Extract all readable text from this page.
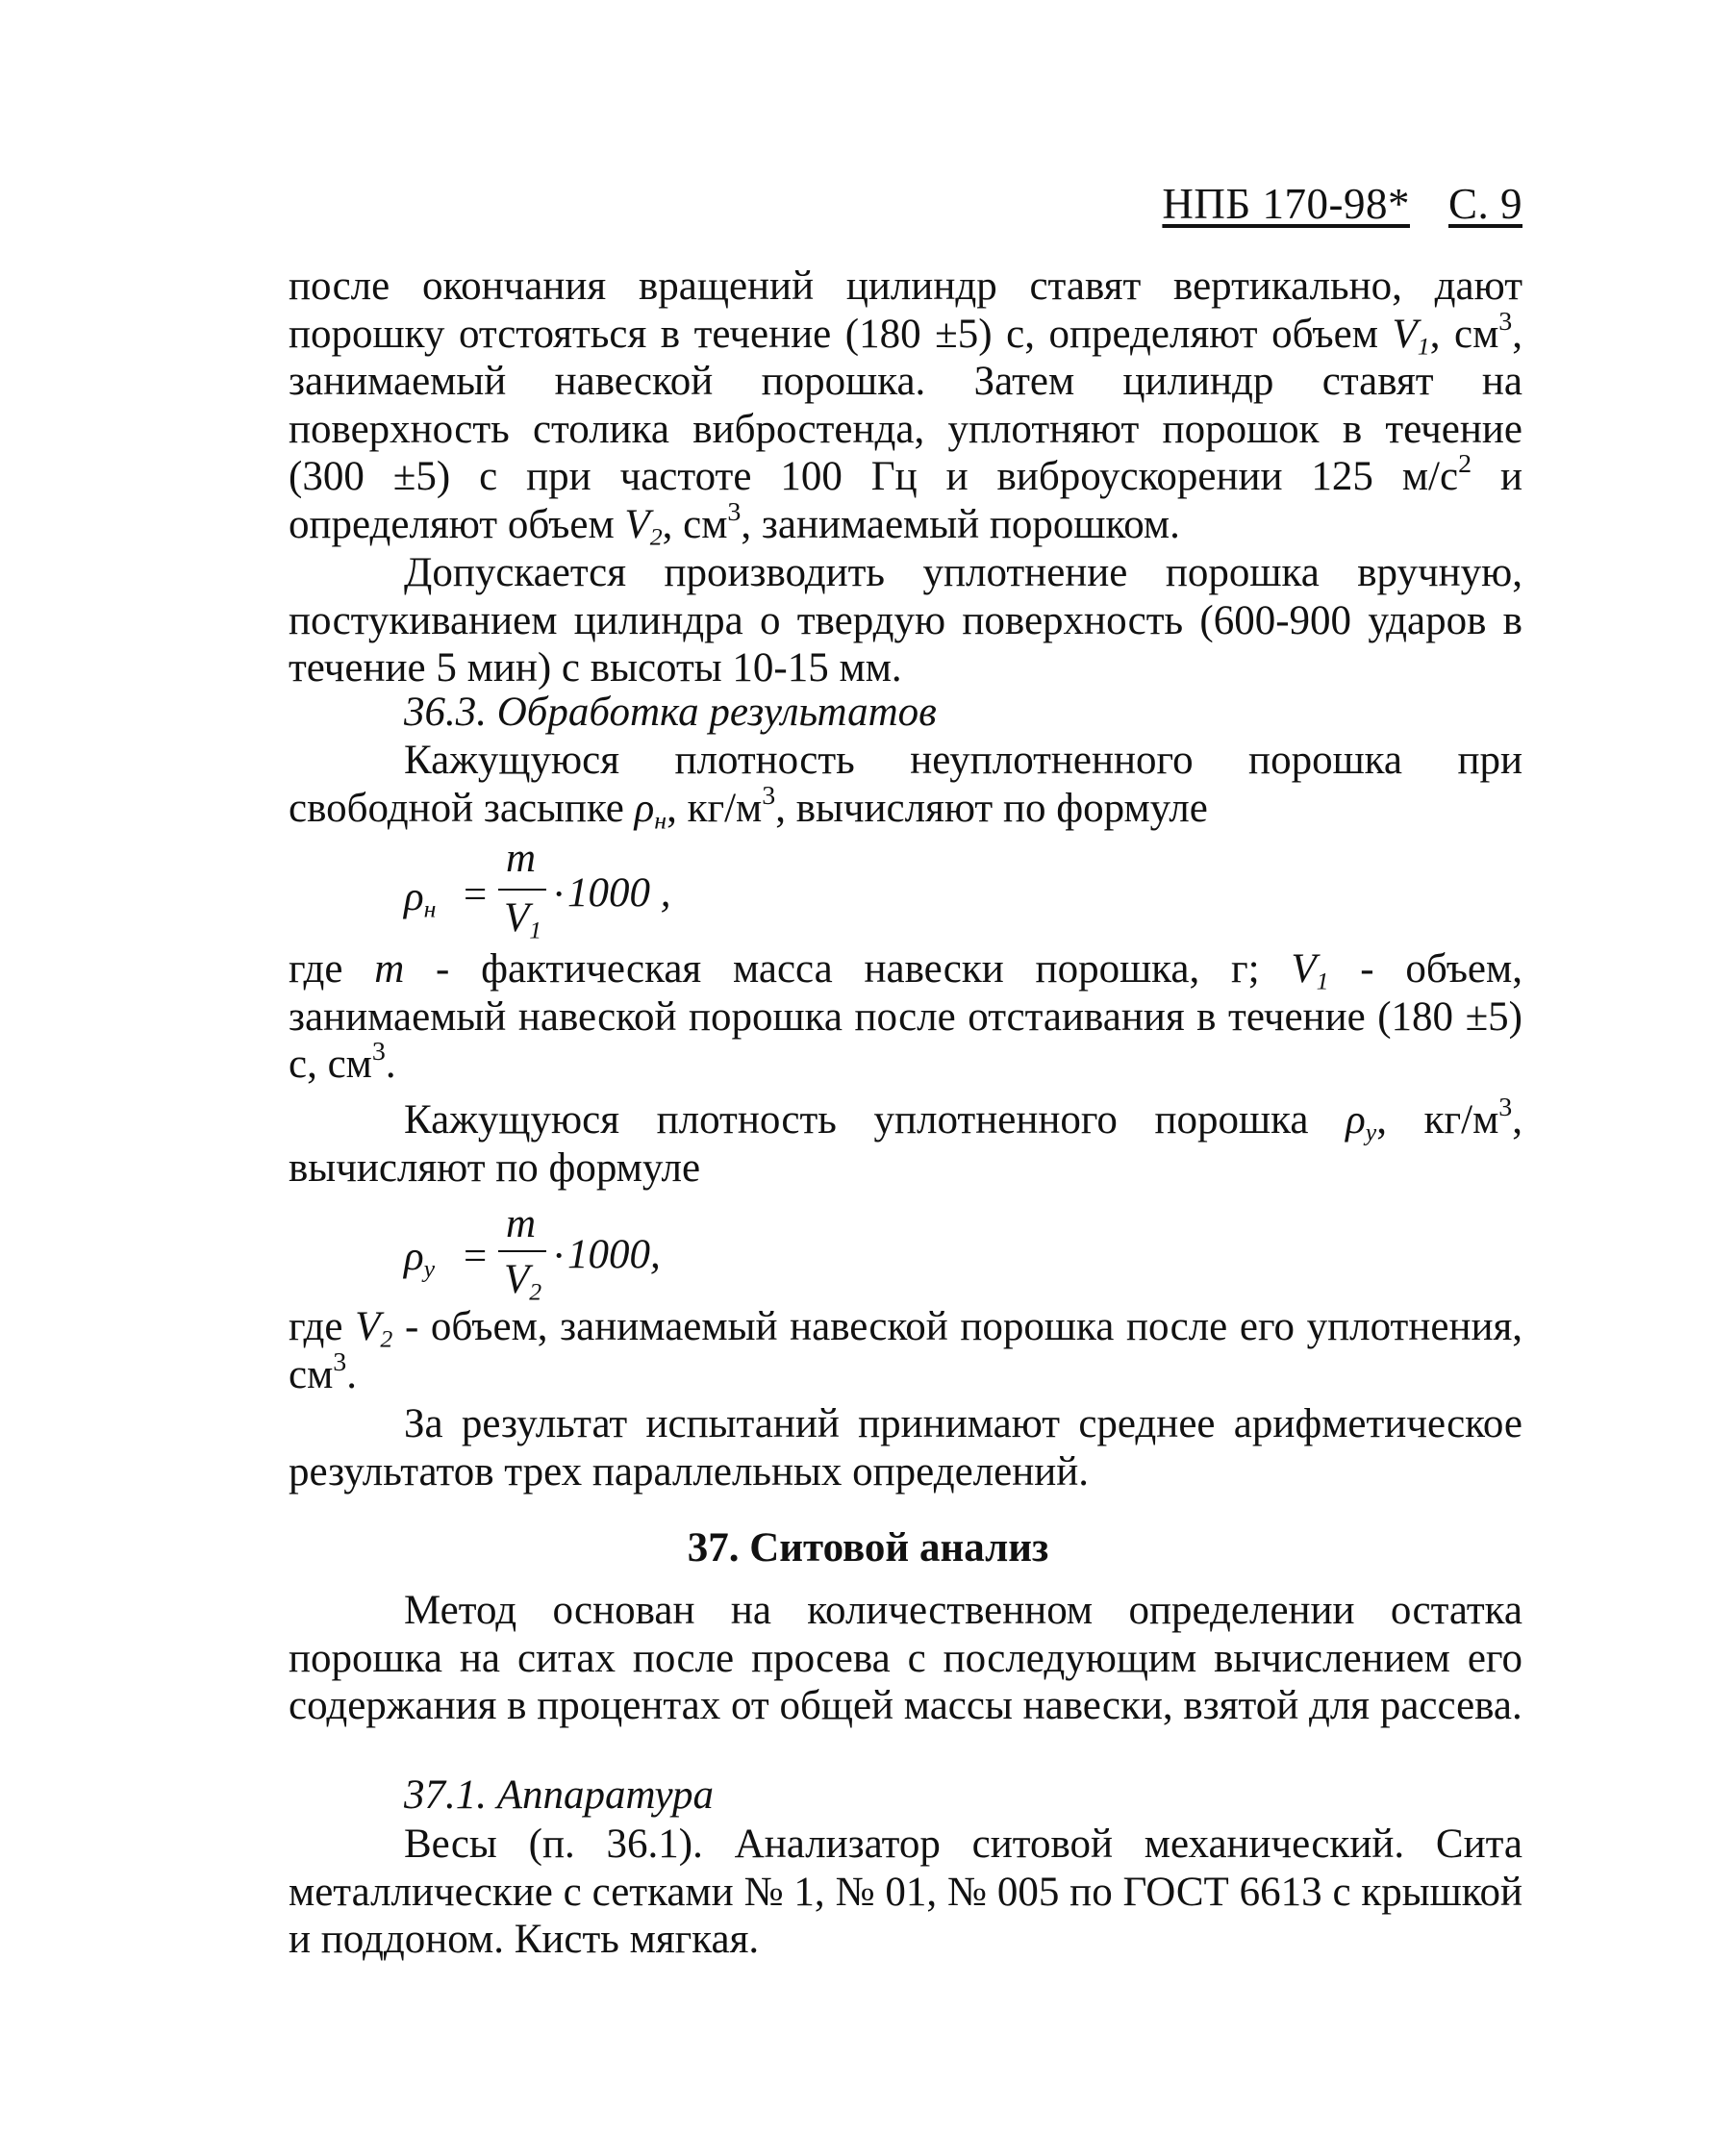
НПБ 170-98* С. 9
после окончания вращений цилиндр ставят вертикально, дают порошку отстояться в течение (180 ±5) с, определяют объем $V_1$, $см^3$, занимаемый навеской порошка. Затем цилиндр ставят на поверхность столика вибростенда, уплотняют порошок в течение (300 ±5) с при частоте 100 Гц и виброускорении 125 $м/с^2$ и определяют объем $V_2$, $см^3$, занимаемый порошком.
Допускается производить уплотнение порошка вручную, постукиванием цилиндра о твердую поверхность (600-900 ударов в течение 5 мин) с высоты 10-15 мм.
36.3. Обработка результатов
Кажущуюся плотность неуплотненного порошка при свободной засыпке $\rho_н$, $кг/м^3$, вычисляют по формуле
$\rho_н$ =
m
$V_1$
· 1000 ,
где m - фактическая масса навески порошка, г; $V_1$ - объем, занимаемый навеской порошка после отстаивания в течение (180 ±5) с, $см^3$.
Кажущуюся плотность уплотненного порошка $\rho_у$, $кг/м^3$, вычисляют по формуле
$\rho_у$ =
m
$V_2$
· 1000,
где $V_2$ - объем, занимаемый навеской порошка после его уплотнения, $см^3$.
За результат испытаний принимают среднее арифметическое результатов трех параллельных определений.
37. Ситовой анализ
Метод основан на количественном определении остатка порошка на ситах после просева с последующим вычислением его содержания в процентах от общей массы навески, взятой для рассева.
37.1. Аппаратура
Весы (п. 36.1). Анализатор ситовой механический. Сита металлические с сетками № 1, № 01, № 005 по ГОСТ 6613 с крышкой и поддоном. Кисть мягкая.
